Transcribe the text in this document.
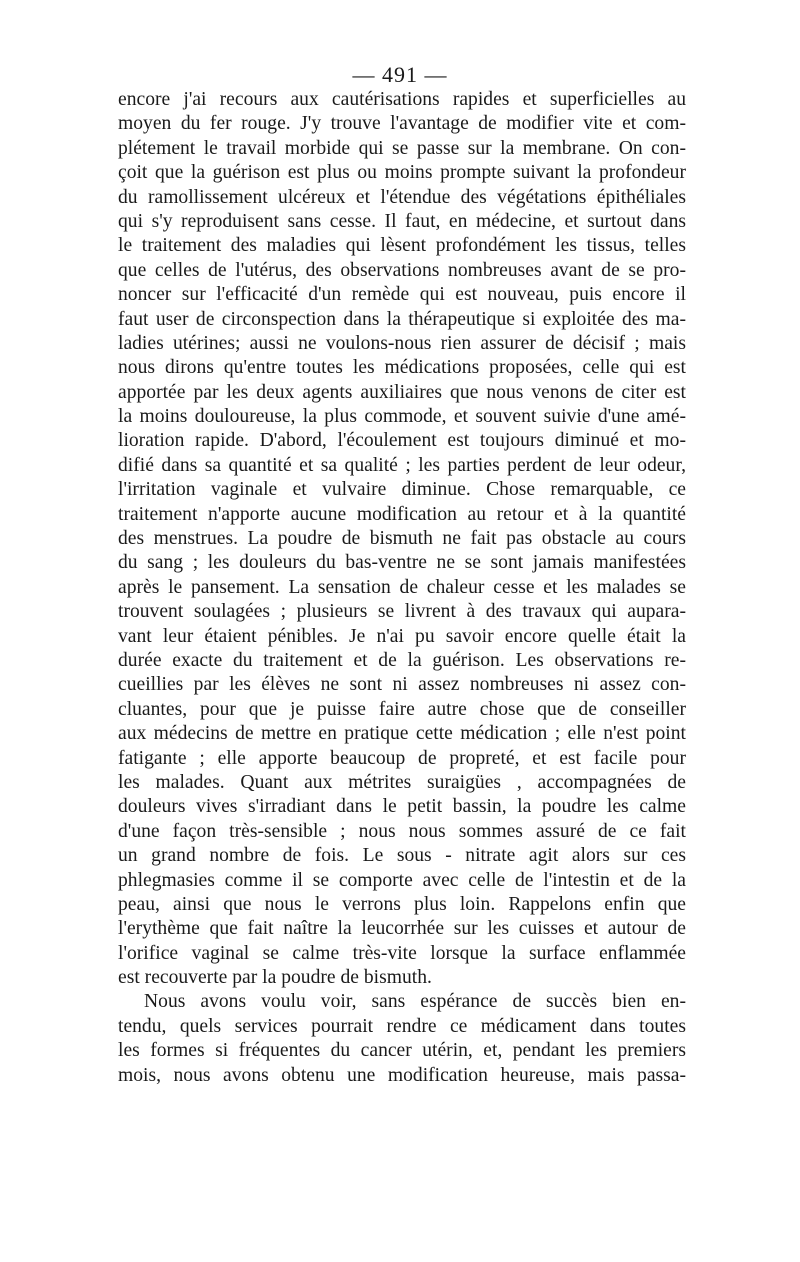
— 491 —
encore j'ai recours aux cautérisations rapides et superficielles au
moyen du fer rouge. J'y trouve l'avantage de modifier vite et com-
plétement le travail morbide qui se passe sur la membrane. On con-
çoit que la guérison est plus ou moins prompte suivant la profondeur
du ramollissement ulcéreux et l'étendue des végétations épithéliales
qui s'y reproduisent sans cesse. Il faut, en médecine, et surtout dans
le traitement des maladies qui lèsent profondément les tissus, telles
que celles de l'utérus, des observations nombreuses avant de se pro-
noncer sur l'efficacité d'un remède qui est nouveau, puis encore il
faut user de circonspection dans la thérapeutique si exploitée des ma-
ladies utérines; aussi ne voulons-nous rien assurer de décisif ; mais
nous dirons qu'entre toutes les médications proposées, celle qui est
apportée par les deux agents auxiliaires que nous venons de citer est
la moins douloureuse, la plus commode, et souvent suivie d'une amé-
lioration rapide. D'abord, l'écoulement est toujours diminué et mo-
difié dans sa quantité et sa qualité ; les parties perdent de leur odeur,
l'irritation vaginale et vulvaire diminue. Chose remarquable, ce
traitement n'apporte aucune modification au retour et à la quantité
des menstrues. La poudre de bismuth ne fait pas obstacle au cours
du sang ; les douleurs du bas-ventre ne se sont jamais manifestées
après le pansement. La sensation de chaleur cesse et les malades se
trouvent soulagées ; plusieurs se livrent à des travaux qui aupara-
vant leur étaient pénibles. Je n'ai pu savoir encore quelle était la
durée exacte du traitement et de la guérison. Les observations re-
cueillies par les élèves ne sont ni assez nombreuses ni assez con-
cluantes, pour que je puisse faire autre chose que de conseiller
aux médecins de mettre en pratique cette médication ; elle n'est point
fatigante ; elle apporte beaucoup de propreté, et est facile pour
les malades. Quant aux métrites suraigües , accompagnées de
douleurs vives s'irradiant dans le petit bassin, la poudre les calme
d'une façon très-sensible ; nous nous sommes assuré de ce fait
un grand nombre de fois. Le sous - nitrate agit alors sur ces
phlegmasies comme il se comporte avec celle de l'intestin et de la
peau, ainsi que nous le verrons plus loin. Rappelons enfin que
l'erythème que fait naître la leucorrhée sur les cuisses et autour de
l'orifice vaginal se calme très-vite lorsque la surface enflammée
est recouverte par la poudre de bismuth.
Nous avons voulu voir, sans espérance de succès bien en-
tendu, quels services pourrait rendre ce médicament dans toutes
les formes si fréquentes du cancer utérin, et, pendant les premiers
mois, nous avons obtenu une modification heureuse, mais passa-
